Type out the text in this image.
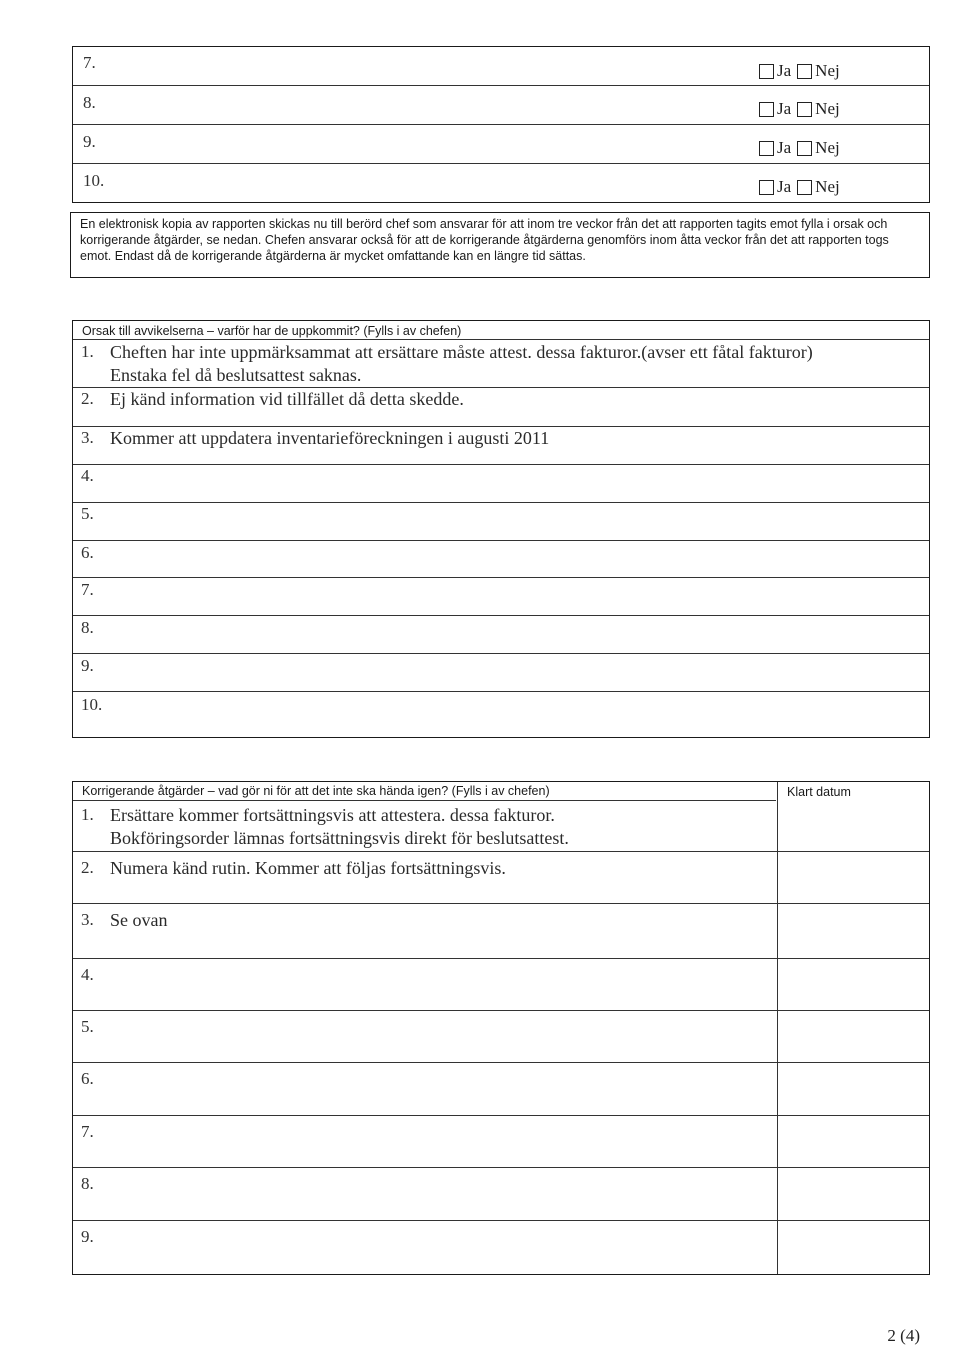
7.
8.
9.
10.
Ja Nej
Ja Nej
Ja Nej
Ja Nej
En elektronisk kopia av rapporten skickas nu till berörd chef som ansvarar för att inom tre veckor från det att rapporten tagits emot fylla i orsak och korrigerande åtgärder, se nedan. Chefen ansvarar också för att de korrigerande åtgärderna genomförs inom åtta veckor från det att rapporten togs emot. Endast då de korrigerande åtgärderna är mycket omfattande kan en längre tid sättas.
Orsak till avvikelserna – varför har de uppkommit? (Fylls i av chefen)
1. Cheften har inte uppmärksammat att ersättare måste attest. dessa fakturor.(avser ett fåtal fakturor)
Enstaka fel då beslutsattest saknas.
2. Ej känd information vid tillfället då detta skedde.
3. Kommer att uppdatera inventarieföreckningen i augusti 2011
4.
5.
6.
7.
8.
9.
10.
Korrigerande åtgärder – vad gör ni för att det inte ska hända igen? (Fylls i av chefen)	Klart datum
1. Ersättare kommer fortsättningsvis att attestera. dessa fakturor.
Bokföringsorder lämnas fortsättningsvis direkt för beslutsattest.
2. Numera känd rutin. Kommer att följas fortsättningsvis.
3. Se ovan
4.
5.
6.
7.
8.
9.
2 (4)
